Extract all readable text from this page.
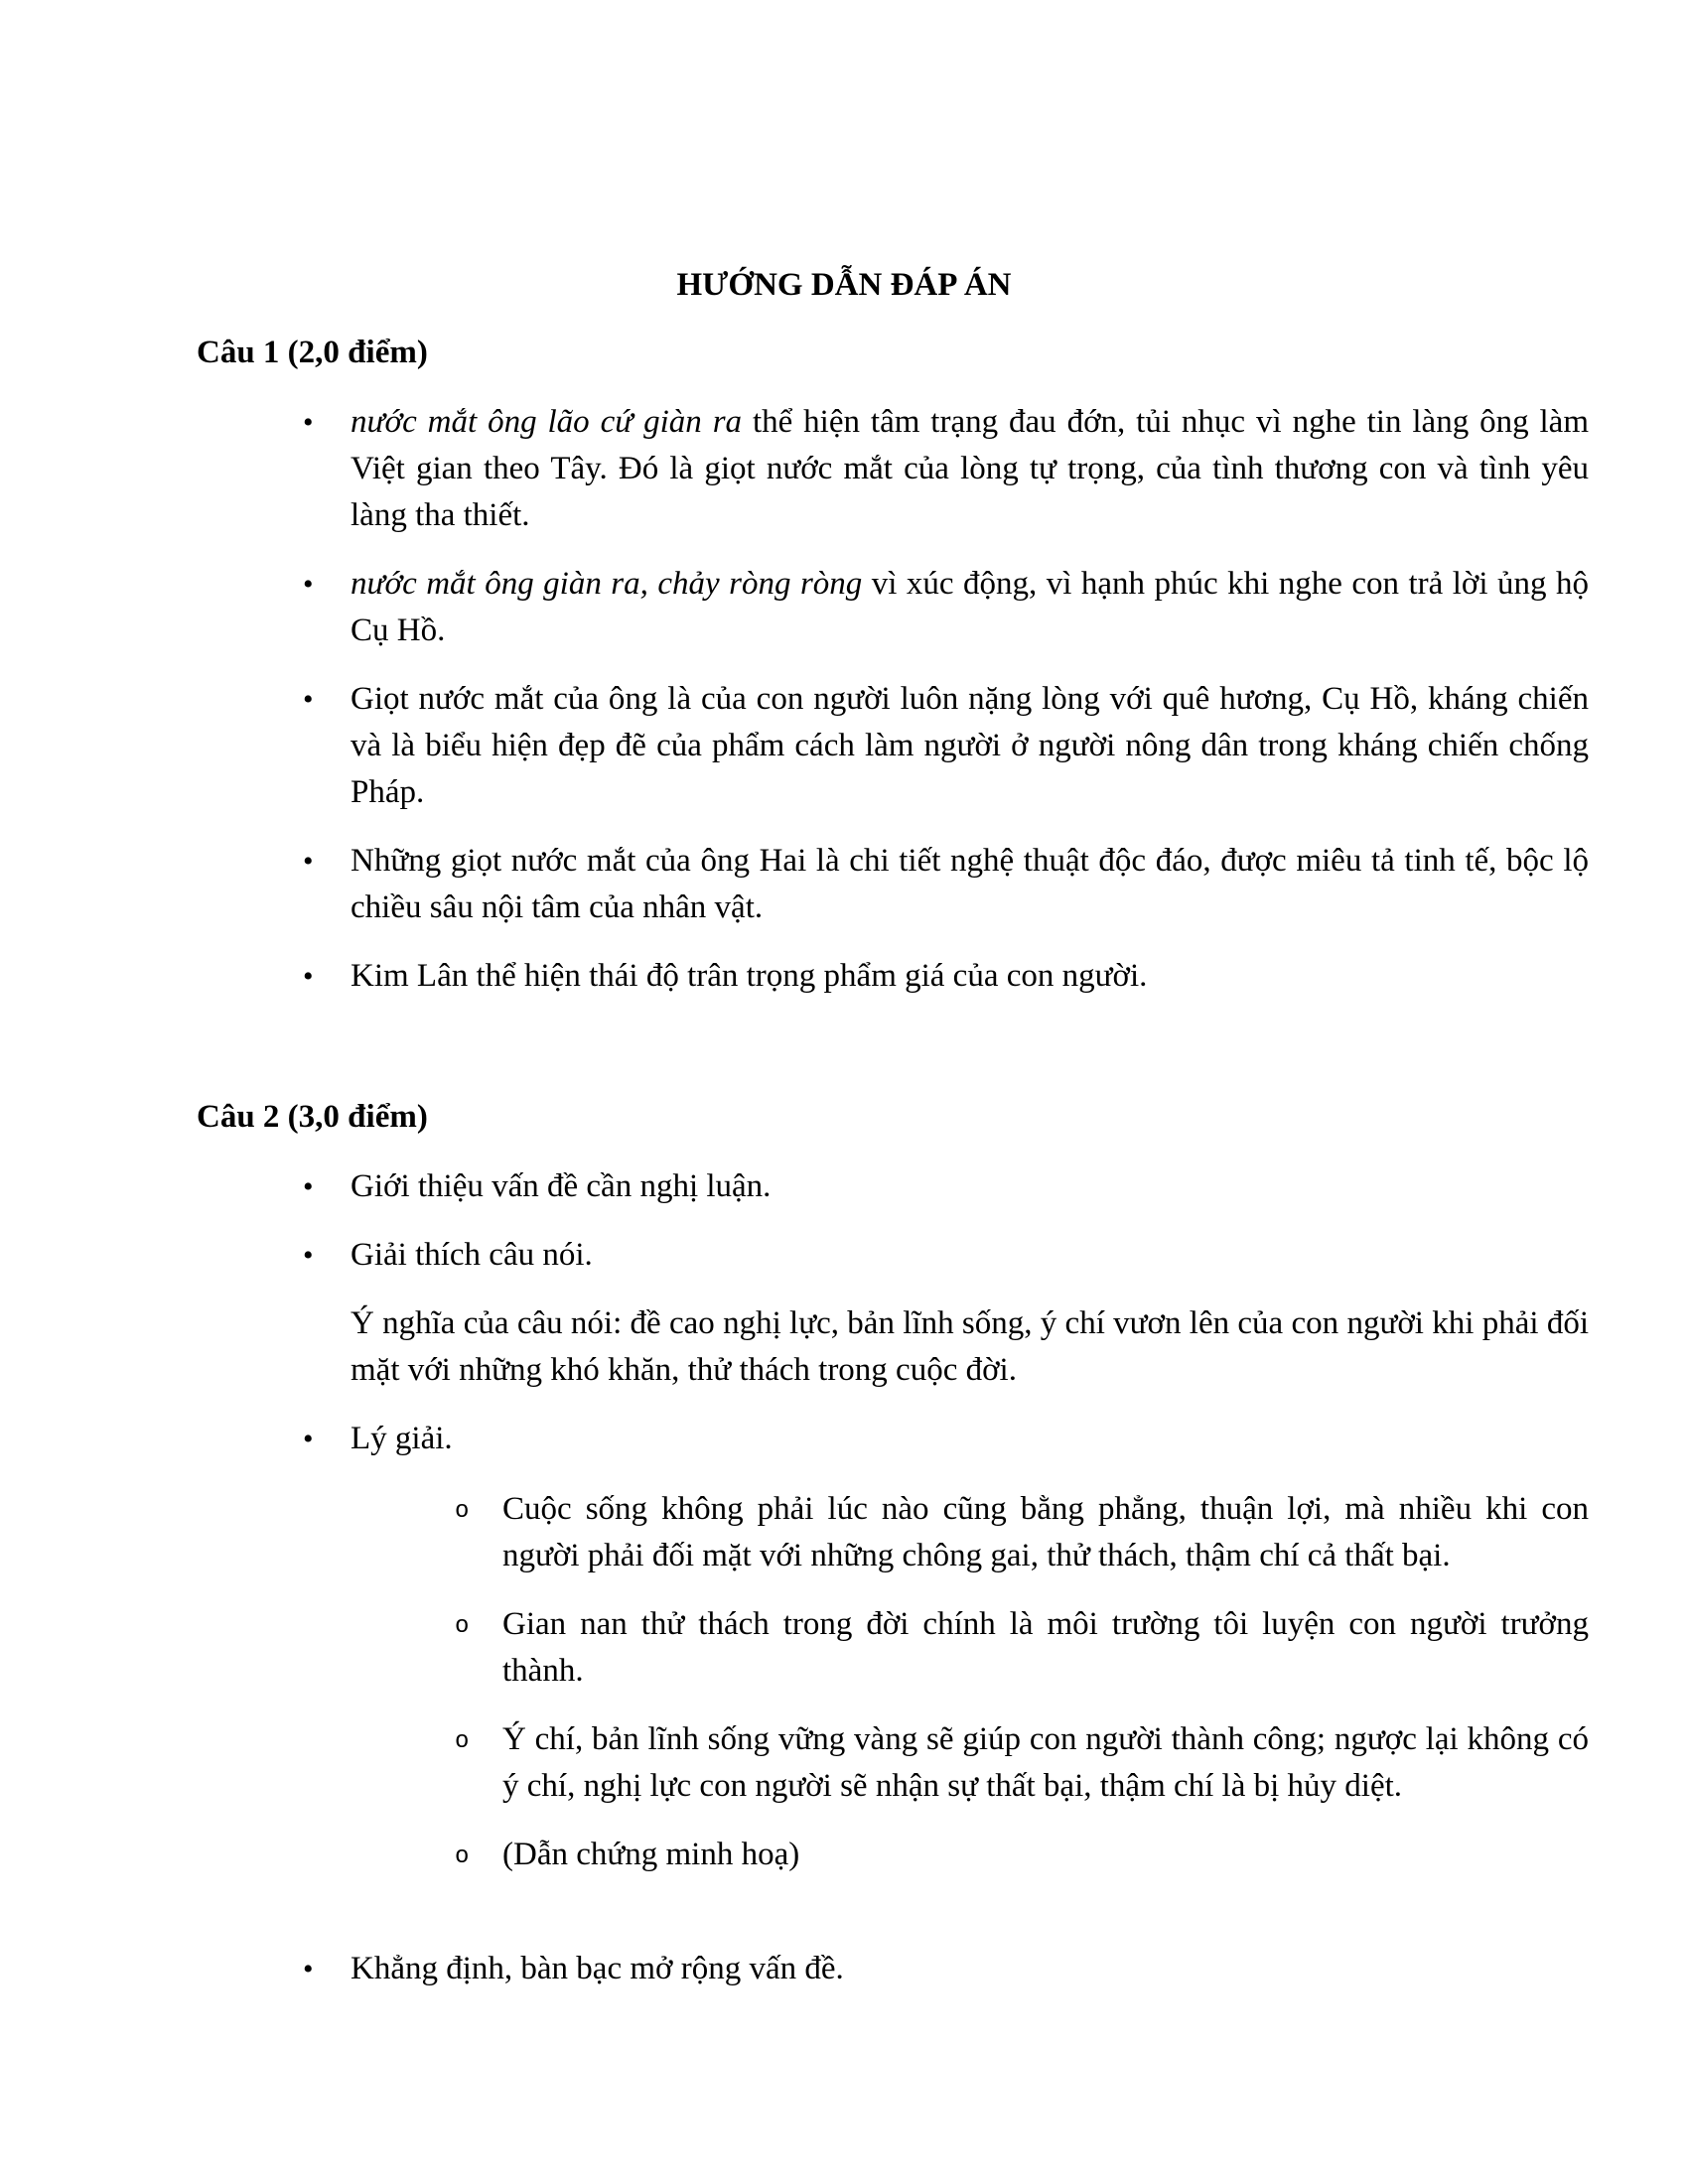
HƯỚNG DẪN ĐÁP ÁN
Câu 1 (2,0 điểm)
• nước mắt ông lão cứ giàn ra thể hiện tâm trạng đau đớn, tủi nhục vì nghe tin làng ông làm Việt gian theo Tây. Đó là giọt nước mắt của lòng tự trọng, của tình thương con và tình yêu làng tha thiết.
• nước mắt ông giàn ra, chảy ròng ròng vì xúc động, vì hạnh phúc khi nghe con trả lời ủng hộ Cụ Hồ.
• Giọt nước mắt của ông là của con người luôn nặng lòng với quê hương, Cụ Hồ, kháng chiến và là biểu hiện đẹp đẽ của phẩm cách làm người ở người nông dân trong kháng chiến chống Pháp.
• Những giọt nước mắt của ông Hai là chi tiết nghệ thuật độc đáo, được miêu tả tinh tế, bộc lộ chiều sâu nội tâm của nhân vật.
• Kim Lân thể hiện thái độ trân trọng phẩm giá của con người.
Câu 2 (3,0 điểm)
• Giới thiệu vấn đề cần nghị luận.
• Giải thích câu nói.
Ý nghĩa của câu nói: đề cao nghị lực, bản lĩnh sống, ý chí vươn lên của con người khi phải đối mặt với những khó khăn, thử thách trong cuộc đời.
• Lý giải.
o Cuộc sống không phải lúc nào cũng bằng phẳng, thuận lợi, mà nhiều khi con người phải đối mặt với những chông gai, thử thách, thậm chí cả thất bại.
o Gian nan thử thách trong đời chính là môi trường tôi luyện con người trưởng thành.
o Ý chí, bản lĩnh sống vững vàng sẽ giúp con người thành công; ngược lại không có ý chí, nghị lực con người sẽ nhận sự thất bại, thậm chí là bị hủy diệt.
o (Dẫn chứng minh hoạ)
• Khẳng định, bàn bạc mở rộng vấn đề.
